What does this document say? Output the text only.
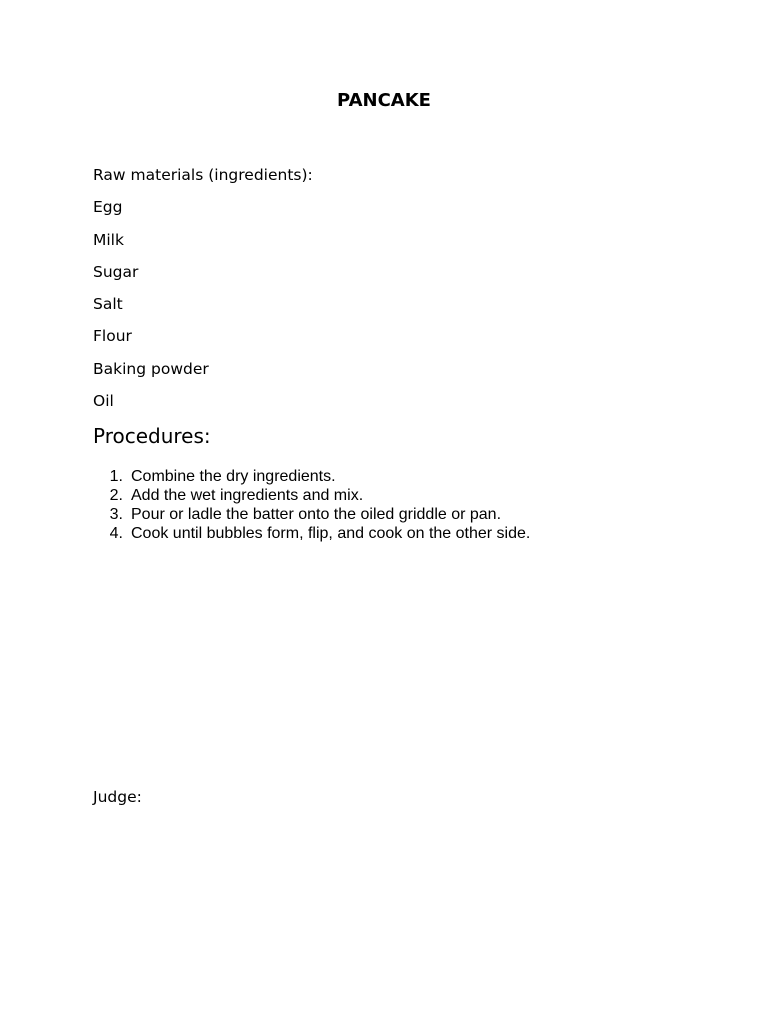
PANCAKE
Raw materials (ingredients):
Egg
Milk
Sugar
Salt
Flour
Baking powder
Oil
Procedures:
1. Combine the dry ingredients.
2. Add the wet ingredients and mix.
3. Pour or ladle the batter onto the oiled griddle or pan.
4. Cook until bubbles form, flip, and cook on the other side.

Judge:
